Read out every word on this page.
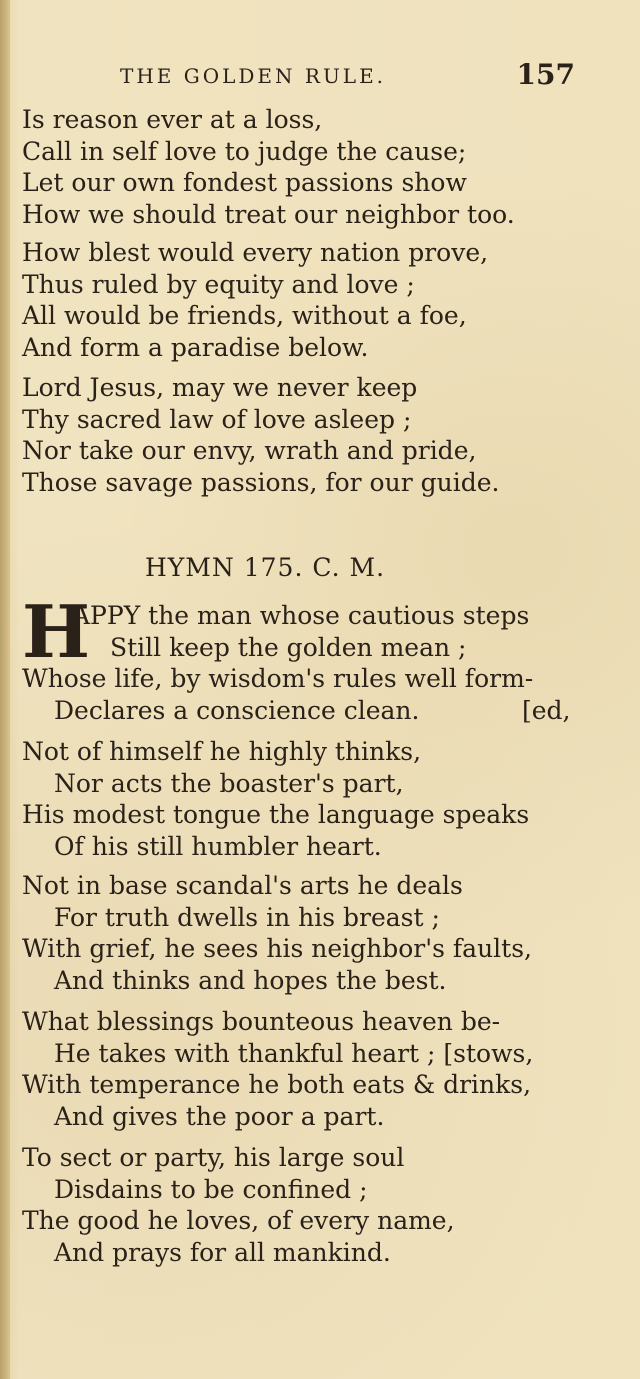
THE GOLDEN RULE.	157
Is reason ever at a loss,
Call in self love to judge the cause;
Let our own fondest passions show
How we should treat our neighbor too.
How blest would every nation prove,
Thus ruled by equity and love ;
All would be friends, without a foe,
And form a paradise below.
Lord Jesus, may we never keep
Thy sacred law of love asleep ;
Nor take our envy, wrath and pride,
Those savage passions, for our guide.
HYMN 175. C. M.
H
APPY the man whose cautious steps
Still keep the golden mean ;
Whose life, by wisdom's rules well form-
Declares a conscience clean.	[ed,
Not of himself he highly thinks,
Nor acts the boaster's part,
His modest tongue the language speaks
Of his still humbler heart.
Not in base scandal's arts he deals
For truth dwells in his breast ;
With grief, he sees his neighbor's faults,
And thinks and hopes the best.
What blessings bounteous heaven be-
He takes with thankful heart ; [stows,
With temperance he both eats & drinks,
And gives the poor a part.
To sect or party, his large soul
Disdains to be confined ;
The good he loves, of every name,
And prays for all mankind.
